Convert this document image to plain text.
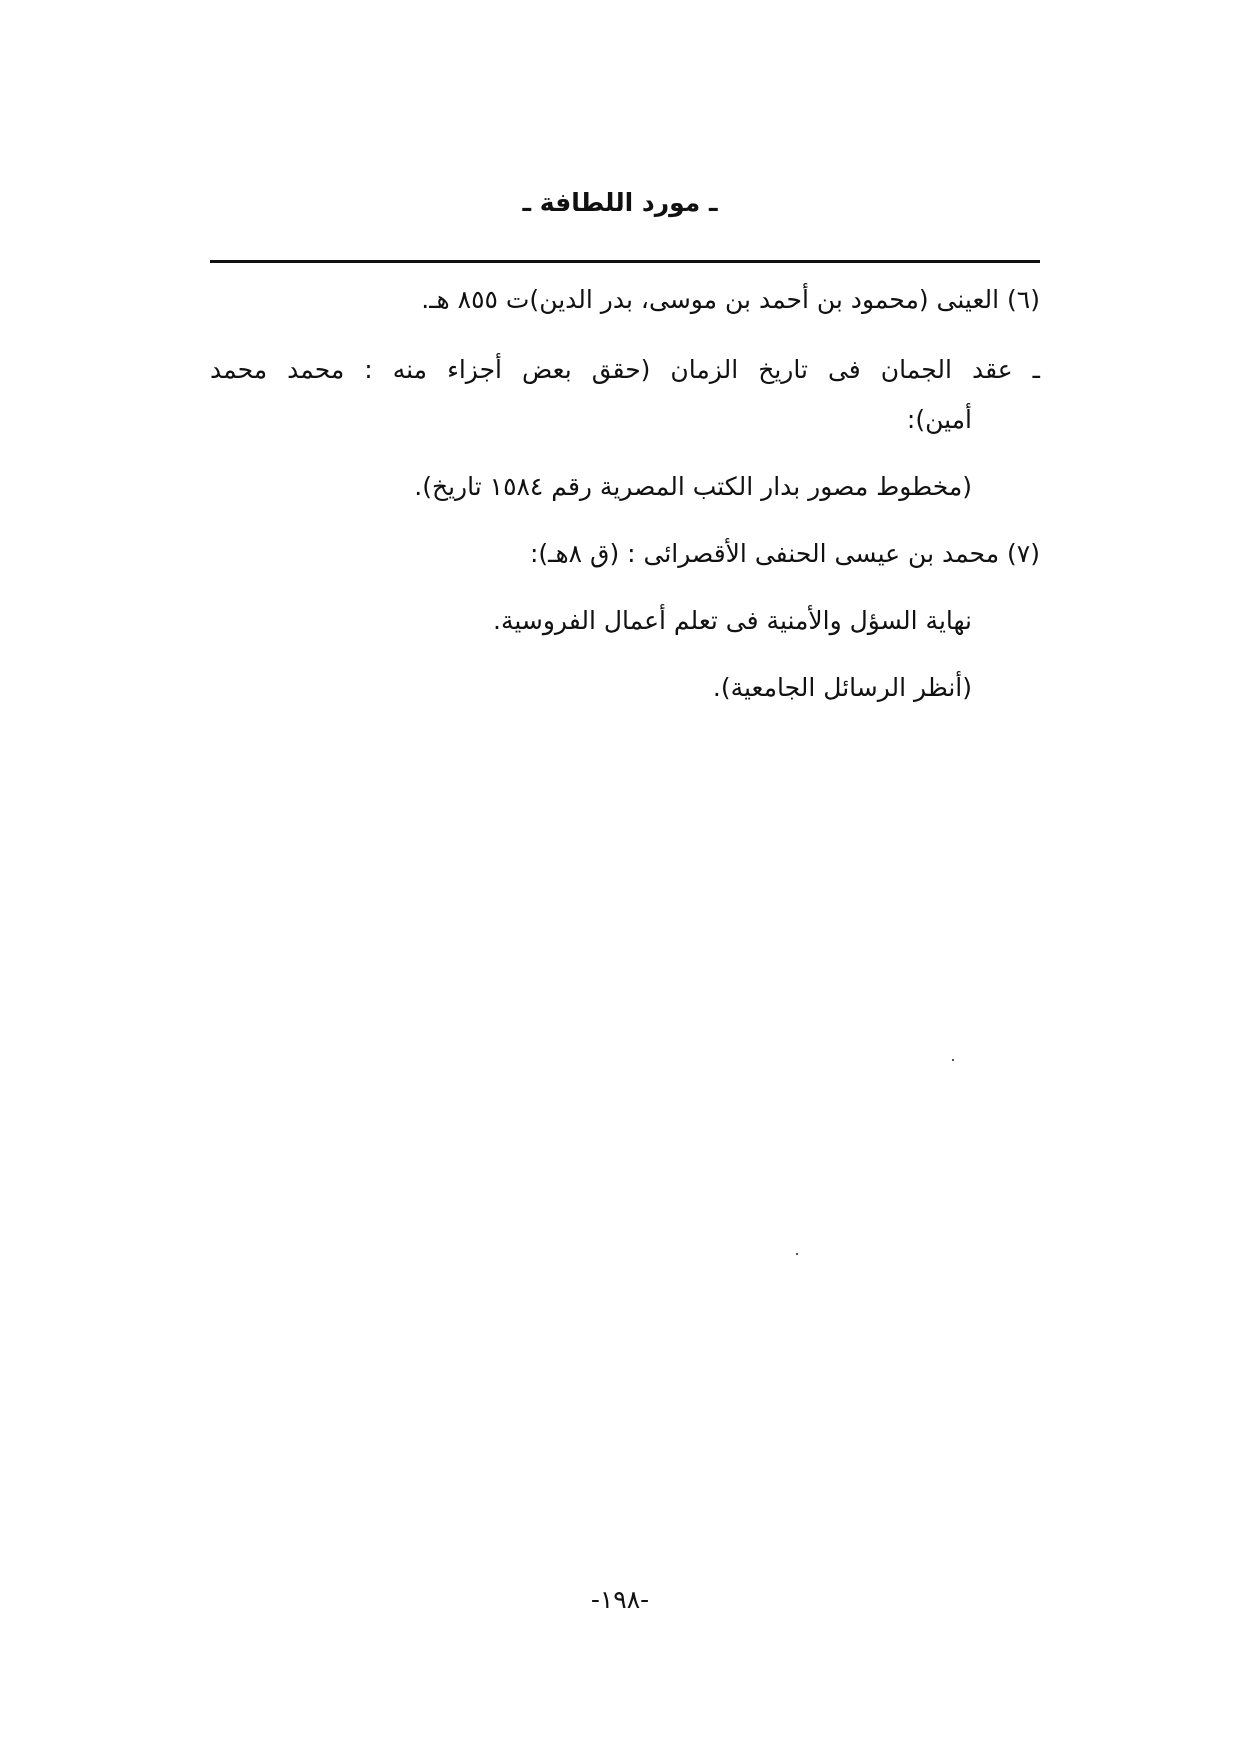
ـ مورد اللطافة ـ
(٦) العينى (محمود بن أحمد بن موسى، بدر الدين)ت ٨٥٥ هـ.
ـ عقد الجمان فى تاريخ الزمان (حقق بعض أجزاء منه : محمد محمد
أمين):
(مخطوط مصور بدار الكتب المصرية رقم ١٥٨٤ تاريخ).
(٧) محمد بن عيسى الحنفى الأقصرائى : (ق ٨هـ):
نهاية السؤل والأمنية فى تعلم أعمال الفروسية.
(أنظر الرسائل الجامعية).
-١٩٨-
